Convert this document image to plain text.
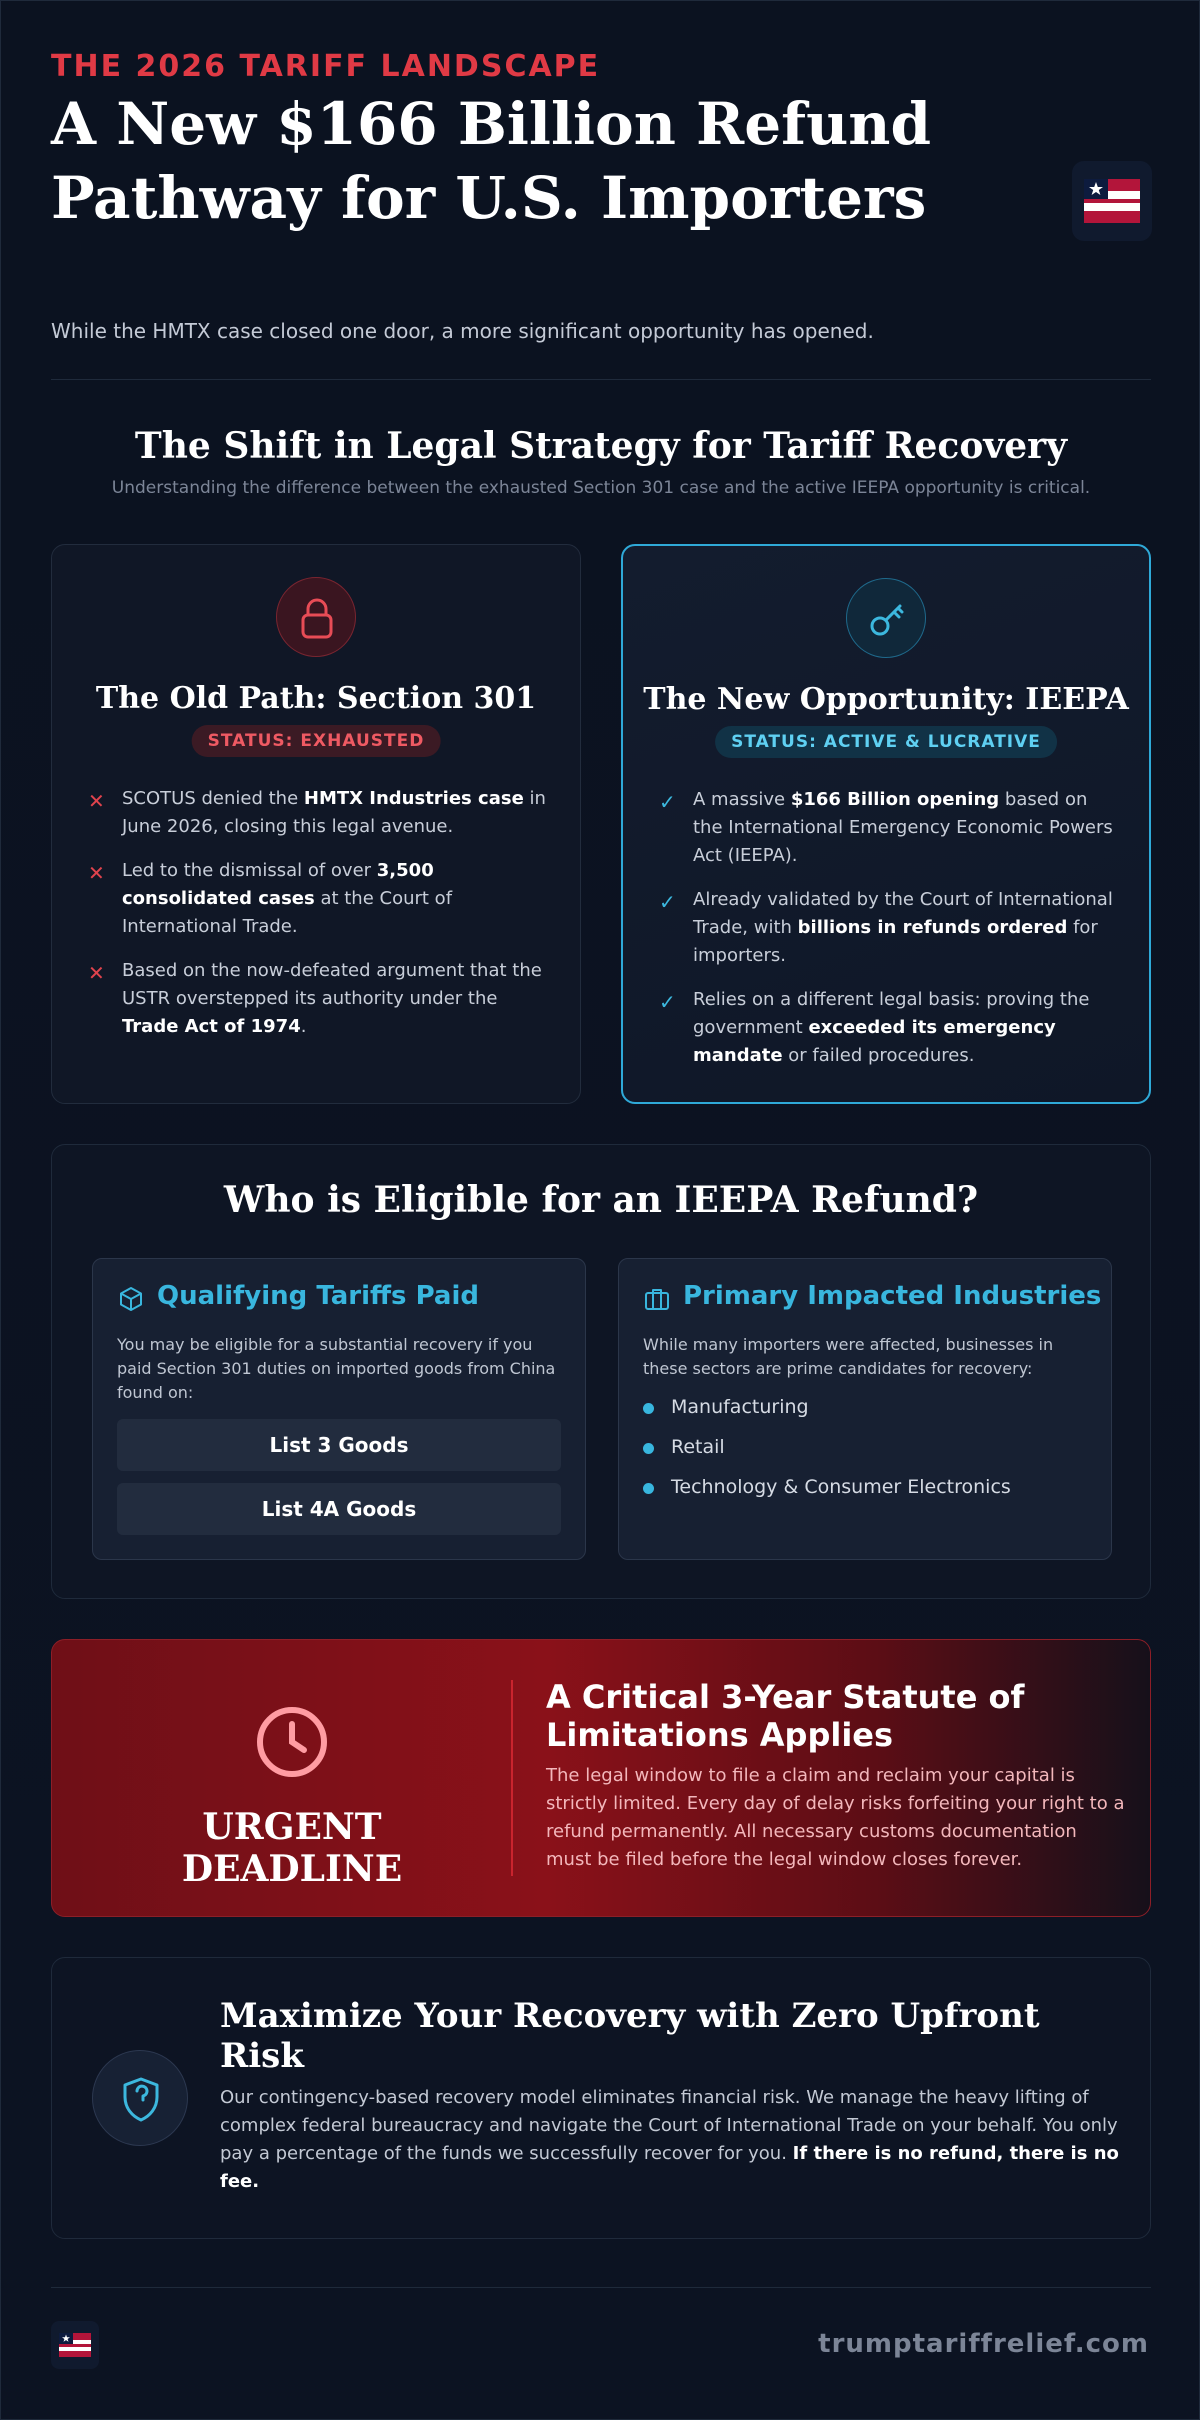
THE 2026 TARIFF LANDSCAPE
A New $166 Billion Refund Pathway for U.S. Importers
While the HMTX case closed one door, a more significant opportunity has opened.
The Shift in Legal Strategy for Tariff Recovery
Understanding the difference between the exhausted Section 301 case and the active IEEPA opportunity is critical.
The Old Path: Section 301
STATUS: EXHAUSTED
✕ SCOTUS denied the HMTX Industries case in June 2026, closing this legal avenue.
✕ Led to the dismissal of over 3,500 consolidated cases at the Court of International Trade.
✕ Based on the now-defeated argument that the USTR overstepped its authority under the Trade Act of 1974.
The New Opportunity: IEEPA
STATUS: ACTIVE & LUCRATIVE
✓ A massive $166 Billion opening based on the International Emergency Economic Powers Act (IEEPA).
✓ Already validated by the Court of International Trade, with billions in refunds ordered for importers.
✓ Relies on a different legal basis: proving the government exceeded its emergency mandate or failed procedures.
Who is Eligible for an IEEPA Refund?
Qualifying Tariffs Paid
You may be eligible for a substantial recovery if you paid Section 301 duties on imported goods from China found on:
List 3 Goods
List 4A Goods
Primary Impacted Industries
While many importers were affected, businesses in these sectors are prime candidates for recovery:
Manufacturing
Retail
Technology & Consumer Electronics
URGENT DEADLINE
A Critical 3-Year Statute of Limitations Applies
The legal window to file a claim and reclaim your capital is strictly limited. Every day of delay risks forfeiting your right to a refund permanently. All necessary customs documentation must be filed before the legal window closes forever.
Maximize Your Recovery with Zero Upfront Risk
Our contingency-based recovery model eliminates financial risk. We manage the heavy lifting of complex federal bureaucracy and navigate the Court of International Trade on your behalf. You only pay a percentage of the funds we successfully recover for you. If there is no refund, there is no fee.
trumptariffrelief.com
